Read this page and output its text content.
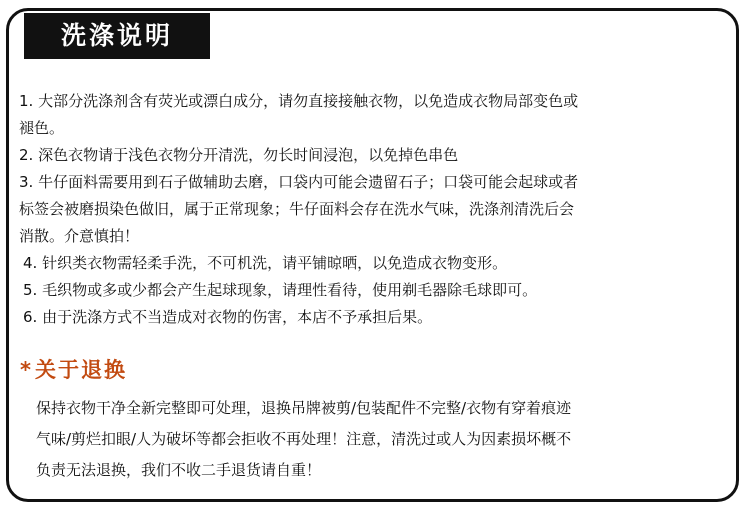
洗涤说明
1. 大部分洗涤剂含有荧光或漂白成分，请勿直接接触衣物，以免造成衣物局部变色或
褪色。
2. 深色衣物请于浅色衣物分开清洗，勿长时间浸泡，以免掉色串色
3. 牛仔面料需要用到石子做辅助去磨，口袋内可能会遗留石子；口袋可能会起球或者
标签会被磨损染色做旧，属于正常现象；牛仔面料会存在洗水气味，洗涤剂清洗后会
消散。介意慎拍！
4. 针织类衣物需轻柔手洗，不可机洗，请平铺晾晒，以免造成衣物变形。
5. 毛织物或多或少都会产生起球现象，请理性看待，使用剃毛器除毛球即可。
6. 由于洗涤方式不当造成对衣物的伤害，本店不予承担后果。
*关于退换
保持衣物干净全新完整即可处理，退换吊牌被剪/包装配件不完整/衣物有穿着痕迹
气味/剪烂扣眼/人为破坏等都会拒收不再处理！注意，清洗过或人为因素损坏概不
负责无法退换，我们不收二手退货请自重！
